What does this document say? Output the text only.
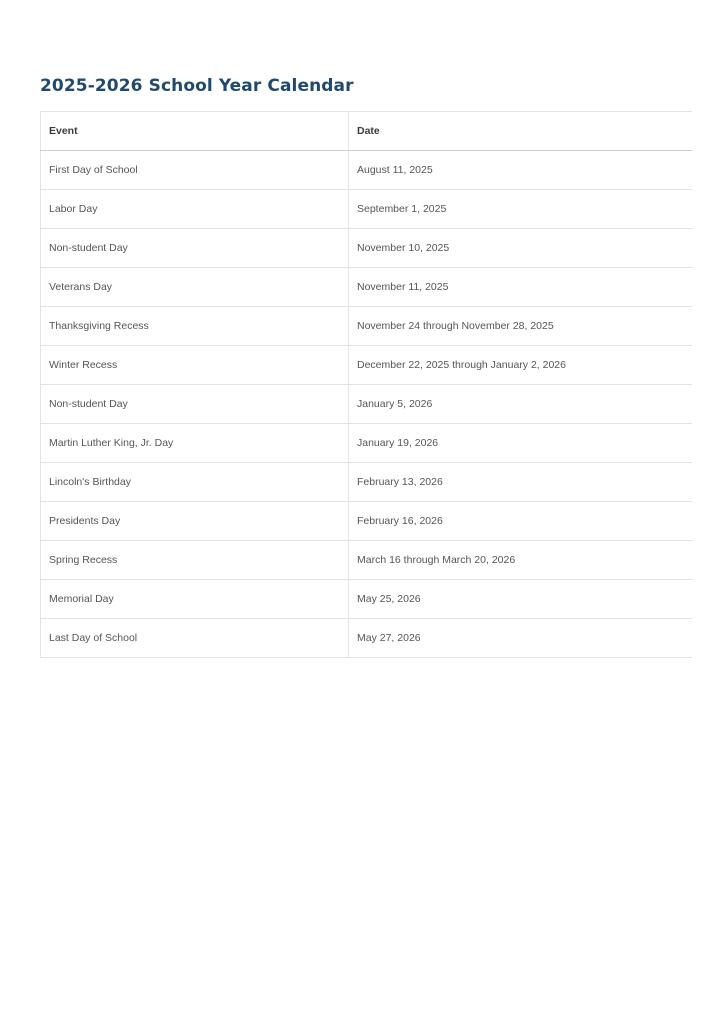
2025-2026 School Year Calendar
Event	Date
First Day of School	August 11, 2025
Labor Day	September 1, 2025
Non-student Day	November 10, 2025
Veterans Day	November 11, 2025
Thanksgiving Recess	November 24 through November 28, 2025
Winter Recess	December 22, 2025 through January 2, 2026
Non-student Day	January 5, 2026
Martin Luther King, Jr. Day	January 19, 2026
Lincoln's Birthday	February 13, 2026
Presidents Day	February 16, 2026
Spring Recess	March 16 through March 20, 2026
Memorial Day	May 25, 2026
Last Day of School	May 27, 2026
